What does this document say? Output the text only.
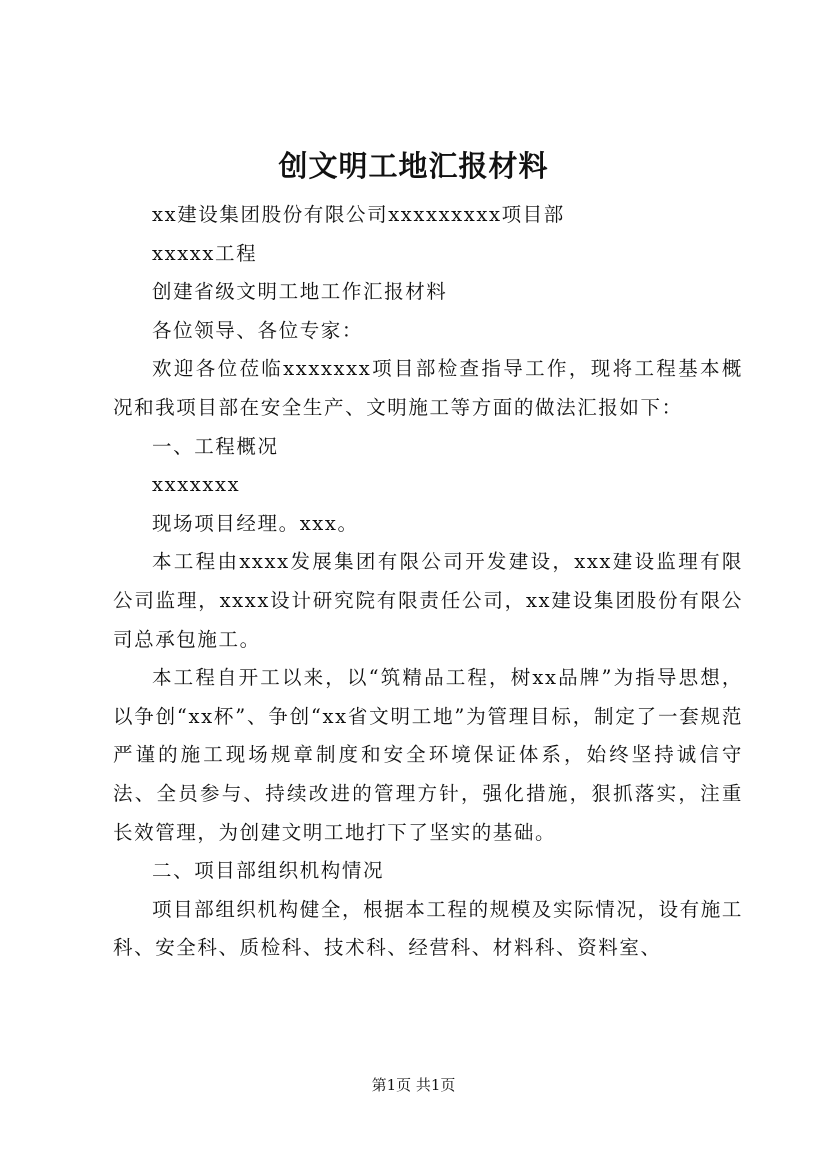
创文明工地汇报材料

xx建设集团股份有限公司xxxxxxxxx项目部

xxxxx工程

创建省级文明工地工作汇报材料

各位领导、各位专家：

欢迎各位莅临xxxxxxx项目部检查指导工作，现将工程基本概况和我项目部在安全生产、文明施工等方面的做法汇报如下：

一、工程概况

xxxxxxx

现场项目经理。xxx。

本工程由xxxx发展集团有限公司开发建设，xxx建设监理有限公司监理，xxxx设计研究院有限责任公司，xx建设集团股份有限公司总承包施工。

本工程自开工以来，以“筑精品工程，树xx品牌”为指导思想，以争创“xx杯”、争创“xx省文明工地”为管理目标，制定了一套规范严谨的施工现场规章制度和安全环境保证体系，始终坚持诚信守法、全员参与、持续改进的管理方针，强化措施，狠抓落实，注重长效管理，为创建文明工地打下了坚实的基础。

二、项目部组织机构情况

项目部组织机构健全，根据本工程的规模及实际情况，设有施工科、安全科、质检科、技术科、经营科、材料科、资料室、

第1页 共1页
